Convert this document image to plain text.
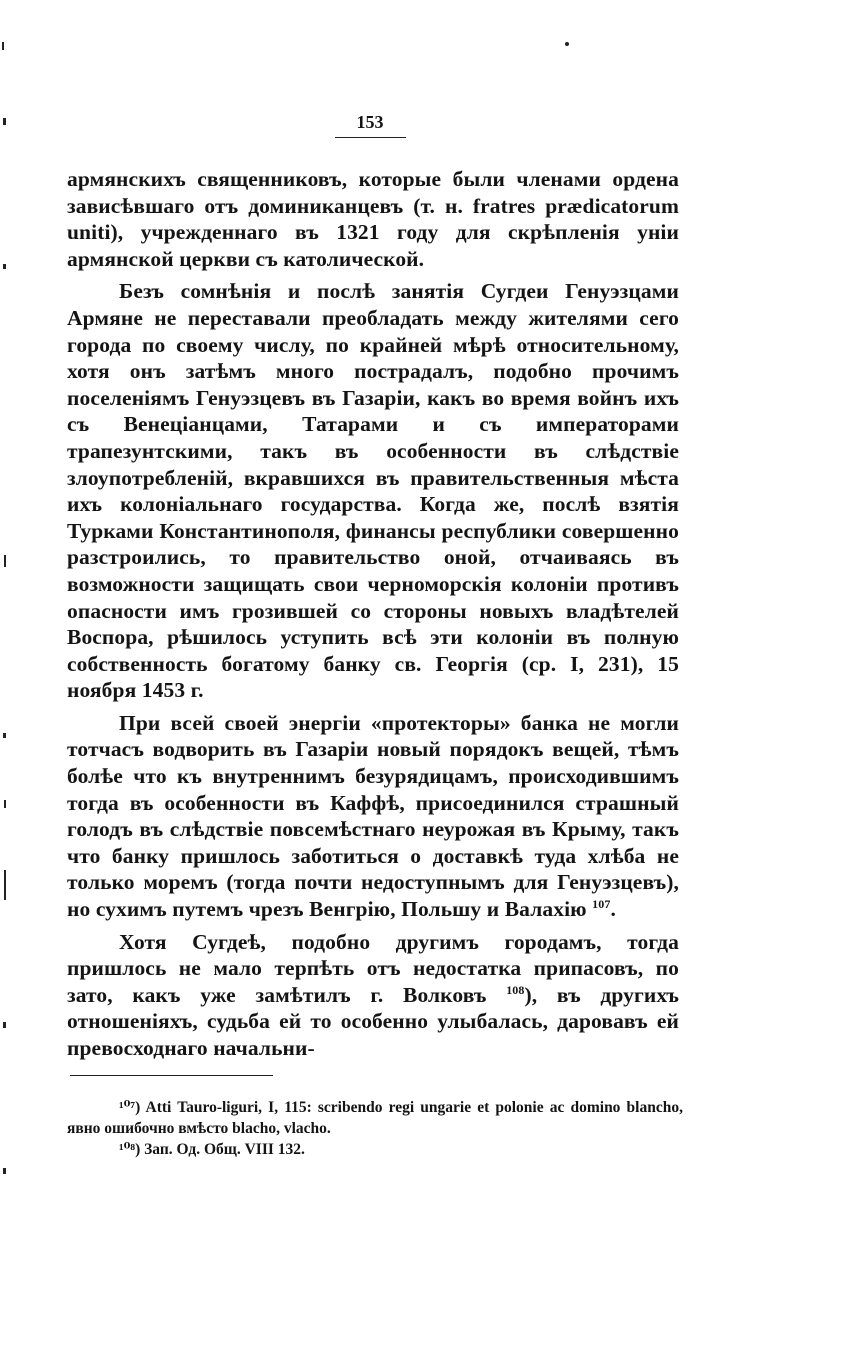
153

армянскихъ священниковъ, которые были членами ордена зависѣвшаго отъ доминиканцевъ (т. н. fratres prædicatorum uniti), учрежденнаго въ 1321 году для скрѣпленія уніи армянской церкви съ католической.

Безъ сомнѣнія и послѣ занятія Сугдеи Генуэзцами Армяне не переставали преобладать между жителями сего города по своему числу, по крайней мѣрѣ относительному, хотя онъ затѣмъ много пострадалъ, подобно прочимъ поселеніямъ Генуэзцевъ въ Газаріи, какъ во время войнъ ихъ съ Венеціанцами, Татарами и съ императорами трапезунтскими, такъ въ особенности въ слѣдствіе злоупотребленій, вкравшихся въ правительственныя мѣста ихъ колоніальнаго государства. Когда же, послѣ взятія Турками Константинополя, финансы республики совершенно разстроились, то правительство оной, отчаиваясь въ возможности защищать свои черноморскія колоніи противъ опасности имъ грозившей со стороны новыхъ владѣтелей Воспора, рѣшилось уступить всѣ эти колоніи въ полную собственность богатому банку св. Георгія (ср. I, 231), 15 ноября 1453 г.

При всей своей энергіи «протекторы» банка не могли тотчасъ водворить въ Газаріи новый порядокъ вещей, тѣмъ болѣе что къ внутреннимъ безурядицамъ, происходившимъ тогда въ особенности въ Каффѣ, присоединился страшный голодъ въ слѣдствіе повсемѣстнаго неурожая въ Крыму, такъ что банку пришлось заботиться о доставкѣ туда хлѣба не только моремъ (тогда почти недоступнымъ для Генуэзцевъ), но сухимъ путемъ чрезъ Венгрію, Польшу и Валахію $^{107}$.

Хотя Сугдеѣ, подобно другимъ городамъ, тогда пришлось не мало терпѣть отъ недостатка припасовъ, по зато, какъ уже замѣтилъ г. Волковъ $^{108}$), въ другихъ отношеніяхъ, судьба ей то особенно улыбалась, даровавъ ей превосходнаго начальни-

¹⁰⁷) Atti Tauro-liguri, I, 115: scribendo regi ungarie et polonie ac domino blancho, явно ошибочно вмѣсто blacho, vlacho.

¹⁰⁸) Зап. Од. Общ. VIII 132.
